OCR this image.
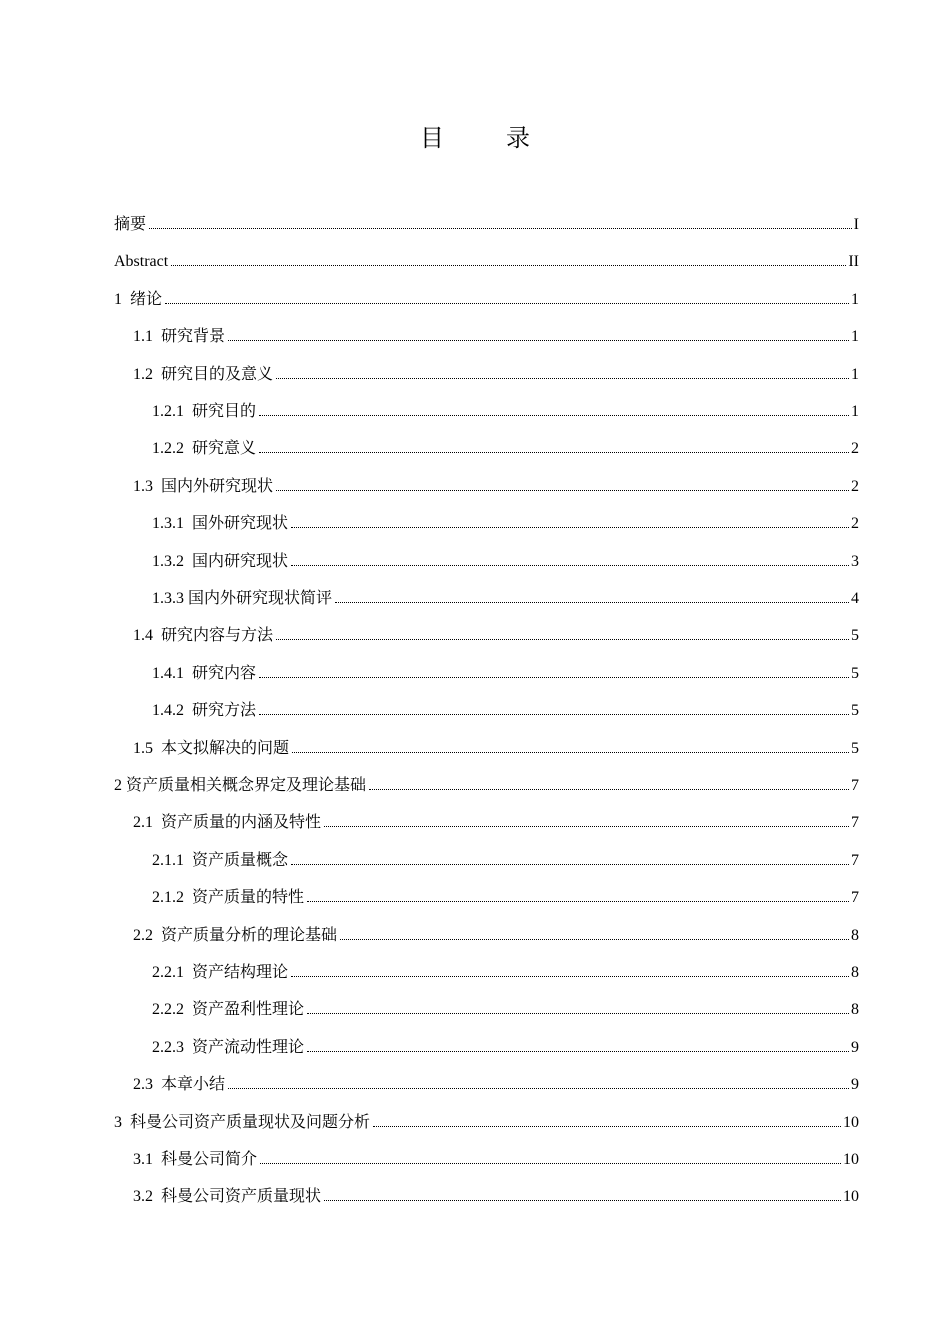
目 录
摘要	I
Abstract	II
1 绪论	1
1.1 研究背景	1
1.2 研究目的及意义	1
1.2.1 研究目的	1
1.2.2 研究意义	2
1.3 国内外研究现状	2
1.3.1 国外研究现状	2
1.3.2 国内研究现状	3
1.3.3 国内外研究现状简评	4
1.4 研究内容与方法	5
1.4.1 研究内容	5
1.4.2 研究方法	5
1.5 本文拟解决的问题	5
2 资产质量相关概念界定及理论基础	7
2.1 资产质量的内涵及特性	7
2.1.1 资产质量概念	7
2.1.2 资产质量的特性	7
2.2 资产质量分析的理论基础	8
2.2.1 资产结构理论	8
2.2.2 资产盈利性理论	8
2.2.3 资产流动性理论	9
2.3 本章小结	9
3 科曼公司资产质量现状及问题分析	10
3.1 科曼公司简介	10
3.2 科曼公司资产质量现状	10
